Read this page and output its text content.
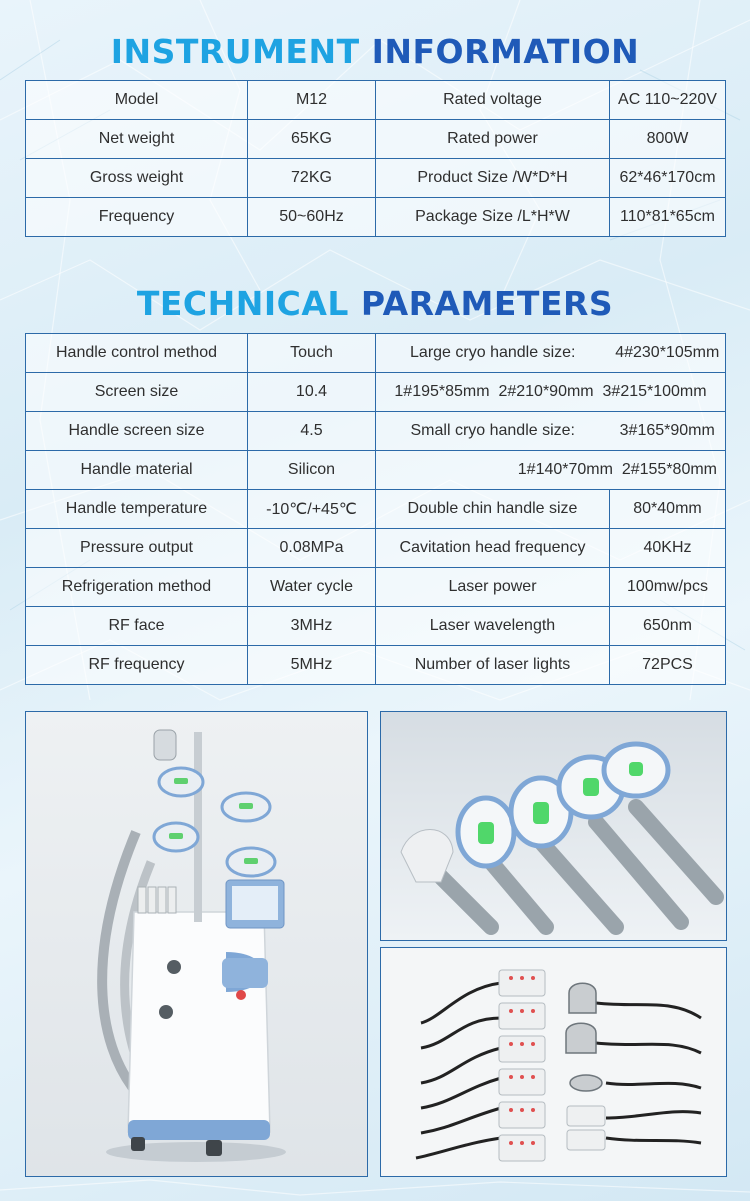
INSTRUMENT INFORMATION
Model	M12	Rated voltage	AC 110~220V
Net weight	65KG	Rated power	800W
Gross weight	72KG	Product Size /W*D*H	62*46*170cm
Frequency	50~60Hz	Package Size /L*H*W	110*81*65cm
TECHNICAL PARAMETERS
Handle control method	Touch	Large cryo handle size:	4#230*105mm
Screen size	10.4	1#195*85mm  2#210*90mm  3#215*100mm	
Handle screen size	4.5	Small cryo handle size:	3#165*90mm
Handle material	Silicon	1#140*70mm  2#155*80mm	
Handle temperature	-10℃/+45℃	Double chin handle size	80*40mm
Pressure output	0.08MPa	Cavitation head frequency	40KHz
Refrigeration method	Water cycle	Laser power	100mw/pcs
RF face	3MHz	Laser wavelength	650nm
RF frequency	5MHz	Number of laser lights	72PCS
